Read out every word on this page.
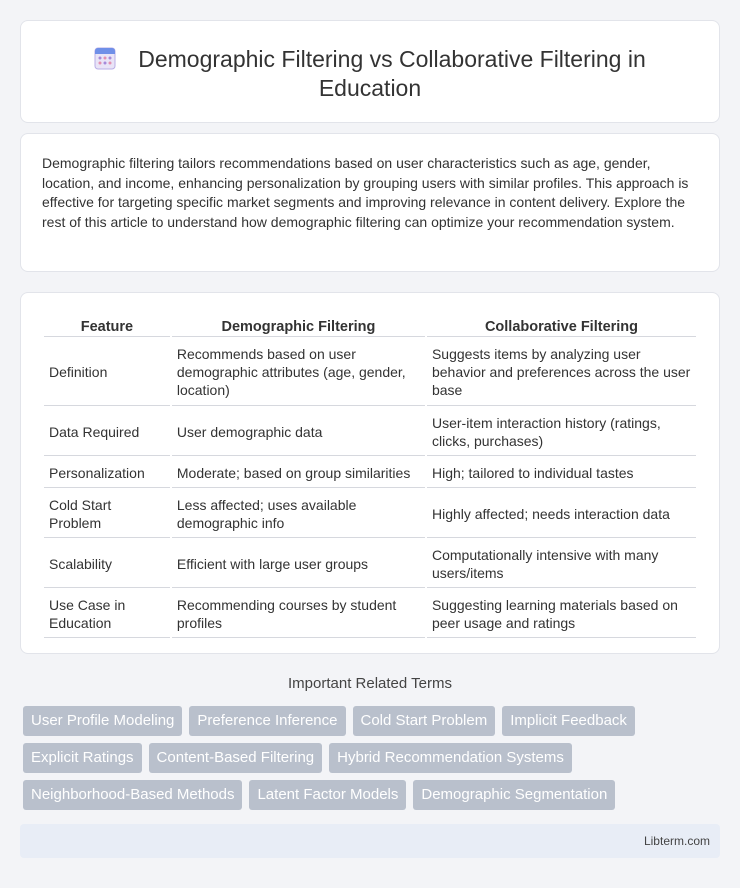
Demographic Filtering vs Collaborative Filtering in
Education

Demographic filtering tailors recommendations based on user characteristics such as age, gender, location, and income, enhancing personalization by grouping users with similar profiles. This approach is effective for targeting specific market segments and improving relevance in content delivery. Explore the rest of this article to understand how demographic filtering can optimize your recommendation system.

Feature	Demographic Filtering	Collaborative Filtering
Definition	Recommends based on user demographic attributes (age, gender, location)	Suggests items by analyzing user behavior and preferences across the user base
Data Required	User demographic data	User-item interaction history (ratings, clicks, purchases)
Personalization	Moderate; based on group similarities	High; tailored to individual tastes
Cold Start Problem	Less affected; uses available demographic info	Highly affected; needs interaction data
Scalability	Efficient with large user groups	Computationally intensive with many users/items
Use Case in Education	Recommending courses by student profiles	Suggesting learning materials based on peer usage and ratings
Important Related Terms
User Profile Modeling	Preference Inference	Cold Start Problem	Implicit Feedback
Explicit Ratings	Content-Based Filtering	Hybrid Recommendation Systems
Neighborhood-Based Methods	Latent Factor Models	Demographic Segmentation
Libterm.com
